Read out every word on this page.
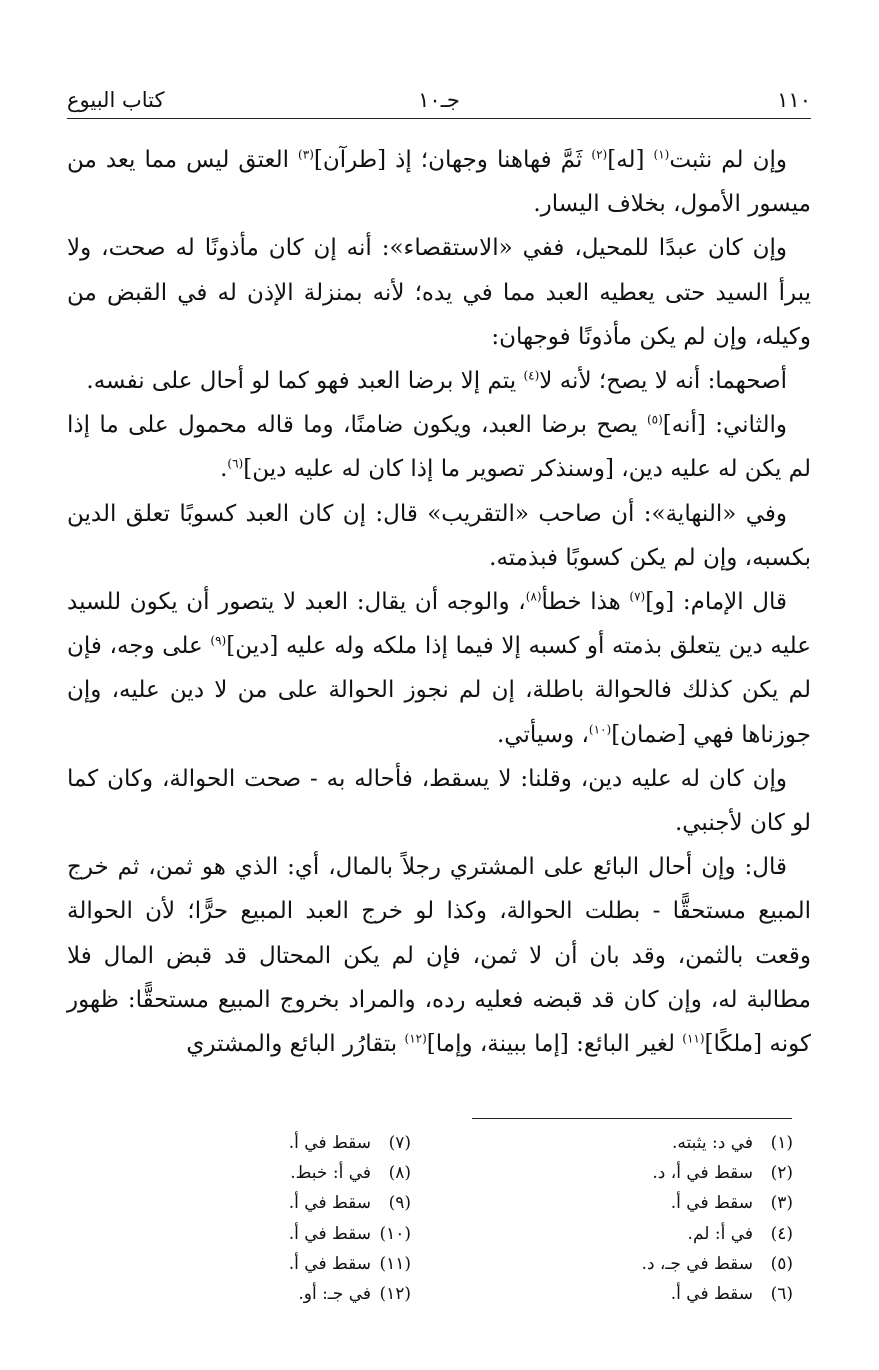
١١٠
جـ١٠
كتاب البيوع

وإن لم نثبت$^{(١)}$ [له]$^{(٢)}$ ثَمَّ فهاهنا وجهان؛ إذ [طرآن]$^{(٣)}$ العتق ليس مما يعد من ميسور الأمول، بخلاف اليسار.

وإن كان عبدًا للمحيل، ففي «الاستقصاء»: أنه إن كان مأذونًا له صحت، ولا يبرأ السيد حتى يعطيه العبد مما في يده؛ لأنه بمنزلة الإذن له في القبض من وكيله، وإن لم يكن مأذونًا فوجهان:

أصحهما: أنه لا يصح؛ لأنه لا$^{(٤)}$ يتم إلا برضا العبد فهو كما لو أحال على نفسه.

والثاني: [أنه]$^{(٥)}$ يصح برضا العبد، ويكون ضامنًا، وما قاله محمول على ما إذا لم يكن له عليه دين، [وسنذكر تصوير ما إذا كان له عليه دين]$^{(٦)}$.

وفي «النهاية»: أن صاحب «التقريب» قال: إن كان العبد كسوبًا تعلق الدين بكسبه، وإن لم يكن كسوبًا فبذمته.

قال الإمام: [و]$^{(٧)}$ هذا خطأ$^{(٨)}$، والوجه أن يقال: العبد لا يتصور أن يكون للسيد عليه دين يتعلق بذمته أو كسبه إلا فيما إذا ملكه وله عليه [دين]$^{(٩)}$ على وجه، فإن لم يكن كذلك فالحوالة باطلة، إن لم نجوز الحوالة على من لا دين عليه، وإن جوزناها فهي [ضمان]$^{(١٠)}$، وسيأتي.

وإن كان له عليه دين، وقلنا: لا يسقط، فأحاله به - صحت الحوالة، وكان كما لو كان لأجنبي.

قال: وإن أحال البائع على المشتري رجلاً بالمال، أي: الذي هو ثمن، ثم خرج المبيع مستحقًّا - بطلت الحوالة، وكذا لو خرج العبد المبيع حرًّا؛ لأن الحوالة وقعت بالثمن، وقد بان أن لا ثمن، فإن لم يكن المحتال قد قبض المال فلا مطالبة له، وإن كان قد قبضه فعليه رده، والمراد بخروج المبيع مستحقًّا: ظهور كونه [ملكًا]$^{(١١)}$ لغير البائع: [إما ببينة، وإما]$^{(١٢)}$ بتقارُر البائع والمشتري

(١)في د: يثبته.
(٢)سقط في أ، د.
(٣)سقط في أ.
(٤)في أ: لم.
(٥)سقط في جـ، د.
(٦)سقط في أ.
(٧)سقط في أ.
(٨)في أ: خبط.
(٩)سقط في أ.
(١٠)سقط في أ.
(١١)سقط في أ.
(١٢)في جـ: أو.
